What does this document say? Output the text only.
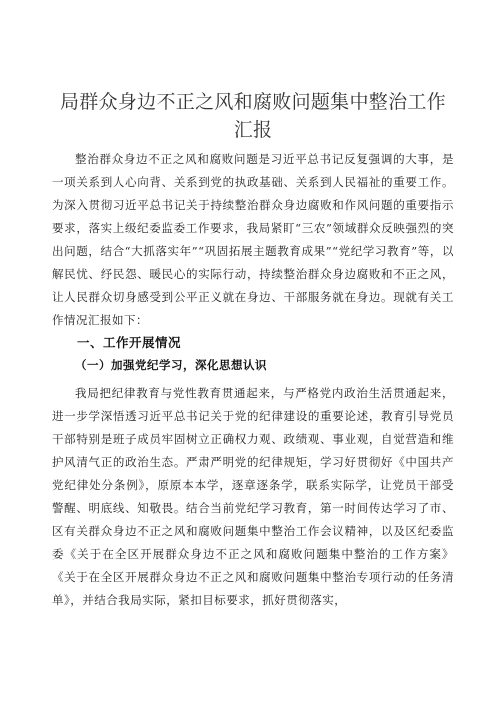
局群众身边不正之风和腐败问题集中整治工作
汇报

整治群众身边不正之风和腐败问题是习近平总书记反复强调的大事，是一项关系到人心向背、关系到党的执政基础、关系到人民福祉的重要工作。为深入贯彻习近平总书记关于持续整治群众身边腐败和作风问题的重要指示要求，落实上级纪委监委工作要求，我局紧盯“三农”领域群众反映强烈的突出问题，结合“大抓落实年”“巩固拓展主题教育成果”“党纪学习教育”等，以解民忧、纾民怨、暖民心的实际行动，持续整治群众身边腐败和不正之风，让人民群众切身感受到公平正义就在身边、干部服务就在身边。现就有关工作情况汇报如下：

一、工作开展情况
（一）加强党纪学习，深化思想认识

我局把纪律教育与党性教育贯通起来，与严格党内政治生活贯通起来，进一步学深悟透习近平总书记关于党的纪律建设的重要论述，教育引导党员干部特别是班子成员牢固树立正确权力观、政绩观、事业观，自觉营造和维护风清气正的政治生态。严肃严明党的纪律规矩，学习好贯彻好《中国共产党纪律处分条例》，原原本本学，逐章逐条学，联系实际学，让党员干部受警醒、明底线、知敬畏。结合当前党纪学习教育，第一时间传达学习了市、区有关群众身边不正之风和腐败问题集中整治工作会议精神，以及区纪委监委《关于在全区开展群众身边不正之风和腐败问题集中整治的工作方案》《关于在全区开展群众身边不正之风和腐败问题集中整治专项行动的任务清单》，并结合我局实际，紧扣目标要求，抓好贯彻落实，
